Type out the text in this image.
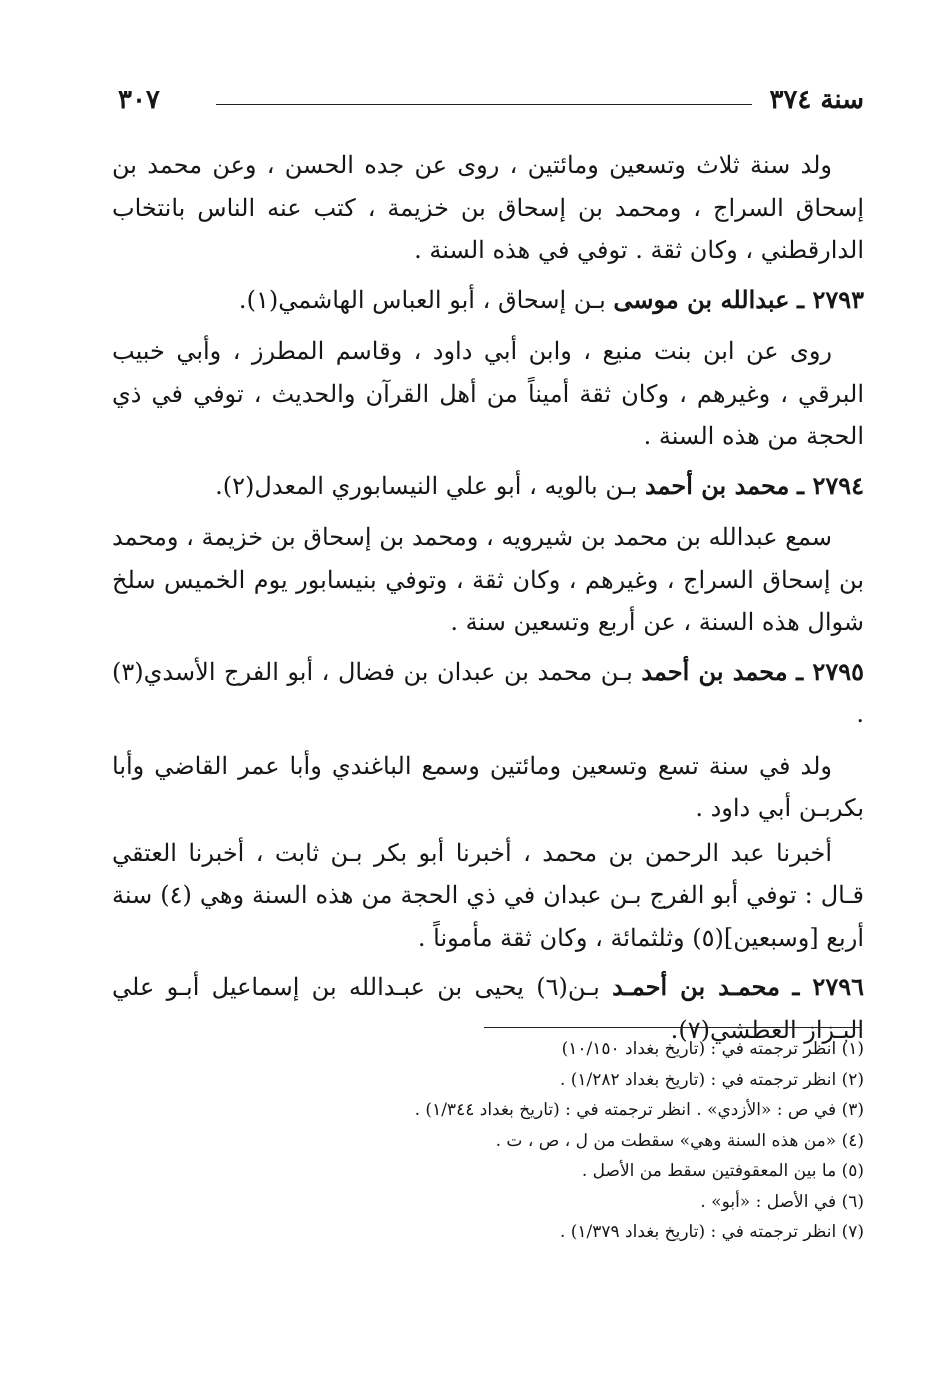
سنة ٣٧٤
٣٠٧

ولد سنة ثلاث وتسعين ومائتين ، روى عن جده الحسن ، وعن محمد بن إسحاق السراج ، ومحمد بن إسحاق بن خزيمة ، كتب عنه الناس بانتخاب الدارقطني ، وكان ثقة . توفي في هذه السنة .

٢٧٩٣ ـ عبدالله بن موسى بـن إسحاق ، أبو العباس الهاشمي(١).

روى عن ابن بنت منيع ، وابن أبي داود ، وقاسم المطرز ، وأبي خبيب البرقي ، وغيرهم ، وكان ثقة أميناً من أهل القرآن والحديث ، توفي في ذي الحجة من هذه السنة .

٢٧٩٤ ـ محمد بن أحمد بـن بالويه ، أبو علي النيسابوري المعدل(٢).

سمع عبدالله بن محمد بن شيرويه ، ومحمد بن إسحاق بن خزيمة ، ومحمد بن إسحاق السراج ، وغيرهم ، وكان ثقة ، وتوفي بنيسابور يوم الخميس سلخ شوال هذه السنة ، عن أربع وتسعين سنة .

٢٧٩٥ ـ محمد بن أحمد بـن محمد بن عبدان بن فضال ، أبو الفرج الأسدي(٣) .

ولد في سنة تسع وتسعين ومائتين وسمع الباغندي وأبا عمر القاضي وأبا بكربـن أبي داود .

أخبرنا عبد الرحمن بن محمد ، أخبرنا أبو بكر بـن ثابت ، أخبرنا العتقي قـال : توفي أبو الفرج بـن عبدان في ذي الحجة من هذه السنة وهي (٤) سنة أربع [وسبعين](٥) وثلثمائة ، وكان ثقة مأموناً .

٢٧٩٦ ـ محمـد بن أحمـد بـن(٦) يحيى بن عبـدالله بن إسماعيل أبـو علي البـزاز العطشي(٧).

(١) انظر ترجمته في : (تاريخ بغداد ١٠/١٥٠)

(٢) انظر ترجمته في : (تاريخ بغداد ١/٢٨٢) .

(٣) في ص : «الأزدي» . انظر ترجمته في : (تاريخ بغداد ١/٣٤٤) .

(٤) «من هذه السنة وهي» سقطت من ل ، ص ، ت .

(٥) ما بين المعقوفتين سقط من الأصل .

(٦) في الأصل : «أبو» .

(٧) انظر ترجمته في : (تاريخ بغداد ١/٣٧٩) .
